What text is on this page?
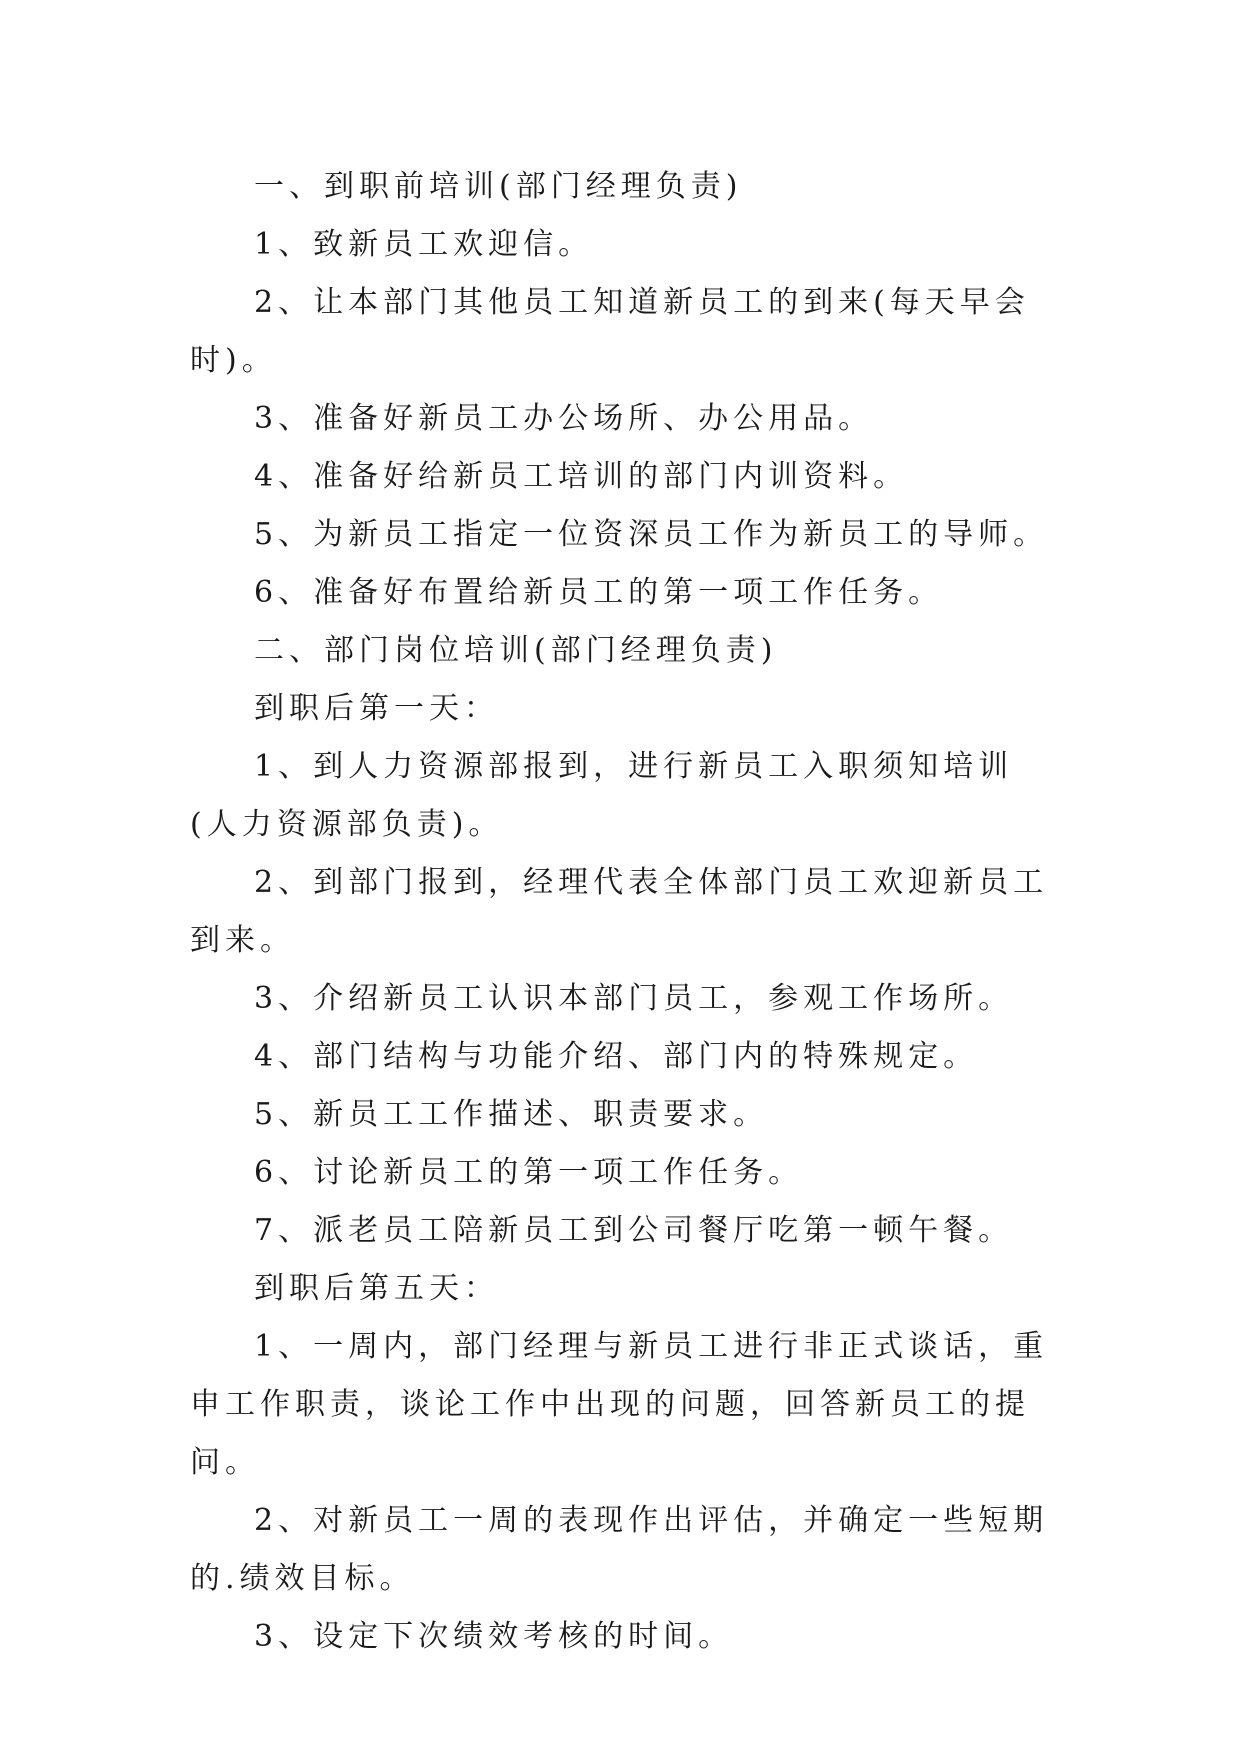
一、到职前培训(部门经理负责)

1、致新员工欢迎信。

2、让本部门其他员工知道新员工的到来(每天早会时)。

3、准备好新员工办公场所、办公用品。

4、准备好给新员工培训的部门内训资料。

5、为新员工指定一位资深员工作为新员工的导师。

6、准备好布置给新员工的第一项工作任务。

二、部门岗位培训(部门经理负责)

到职后第一天：

1、到人力资源部报到，进行新员工入职须知培训(人力资源部负责)。

2、到部门报到，经理代表全体部门员工欢迎新员工到来。

3、介绍新员工认识本部门员工，参观工作场所。

4、部门结构与功能介绍、部门内的特殊规定。

5、新员工工作描述、职责要求。

6、讨论新员工的第一项工作任务。

7、派老员工陪新员工到公司餐厅吃第一顿午餐。

到职后第五天：

1、一周内，部门经理与新员工进行非正式谈话，重申工作职责，谈论工作中出现的问题，回答新员工的提问。

2、对新员工一周的表现作出评估，并确定一些短期的.绩效目标。

3、设定下次绩效考核的时间。
